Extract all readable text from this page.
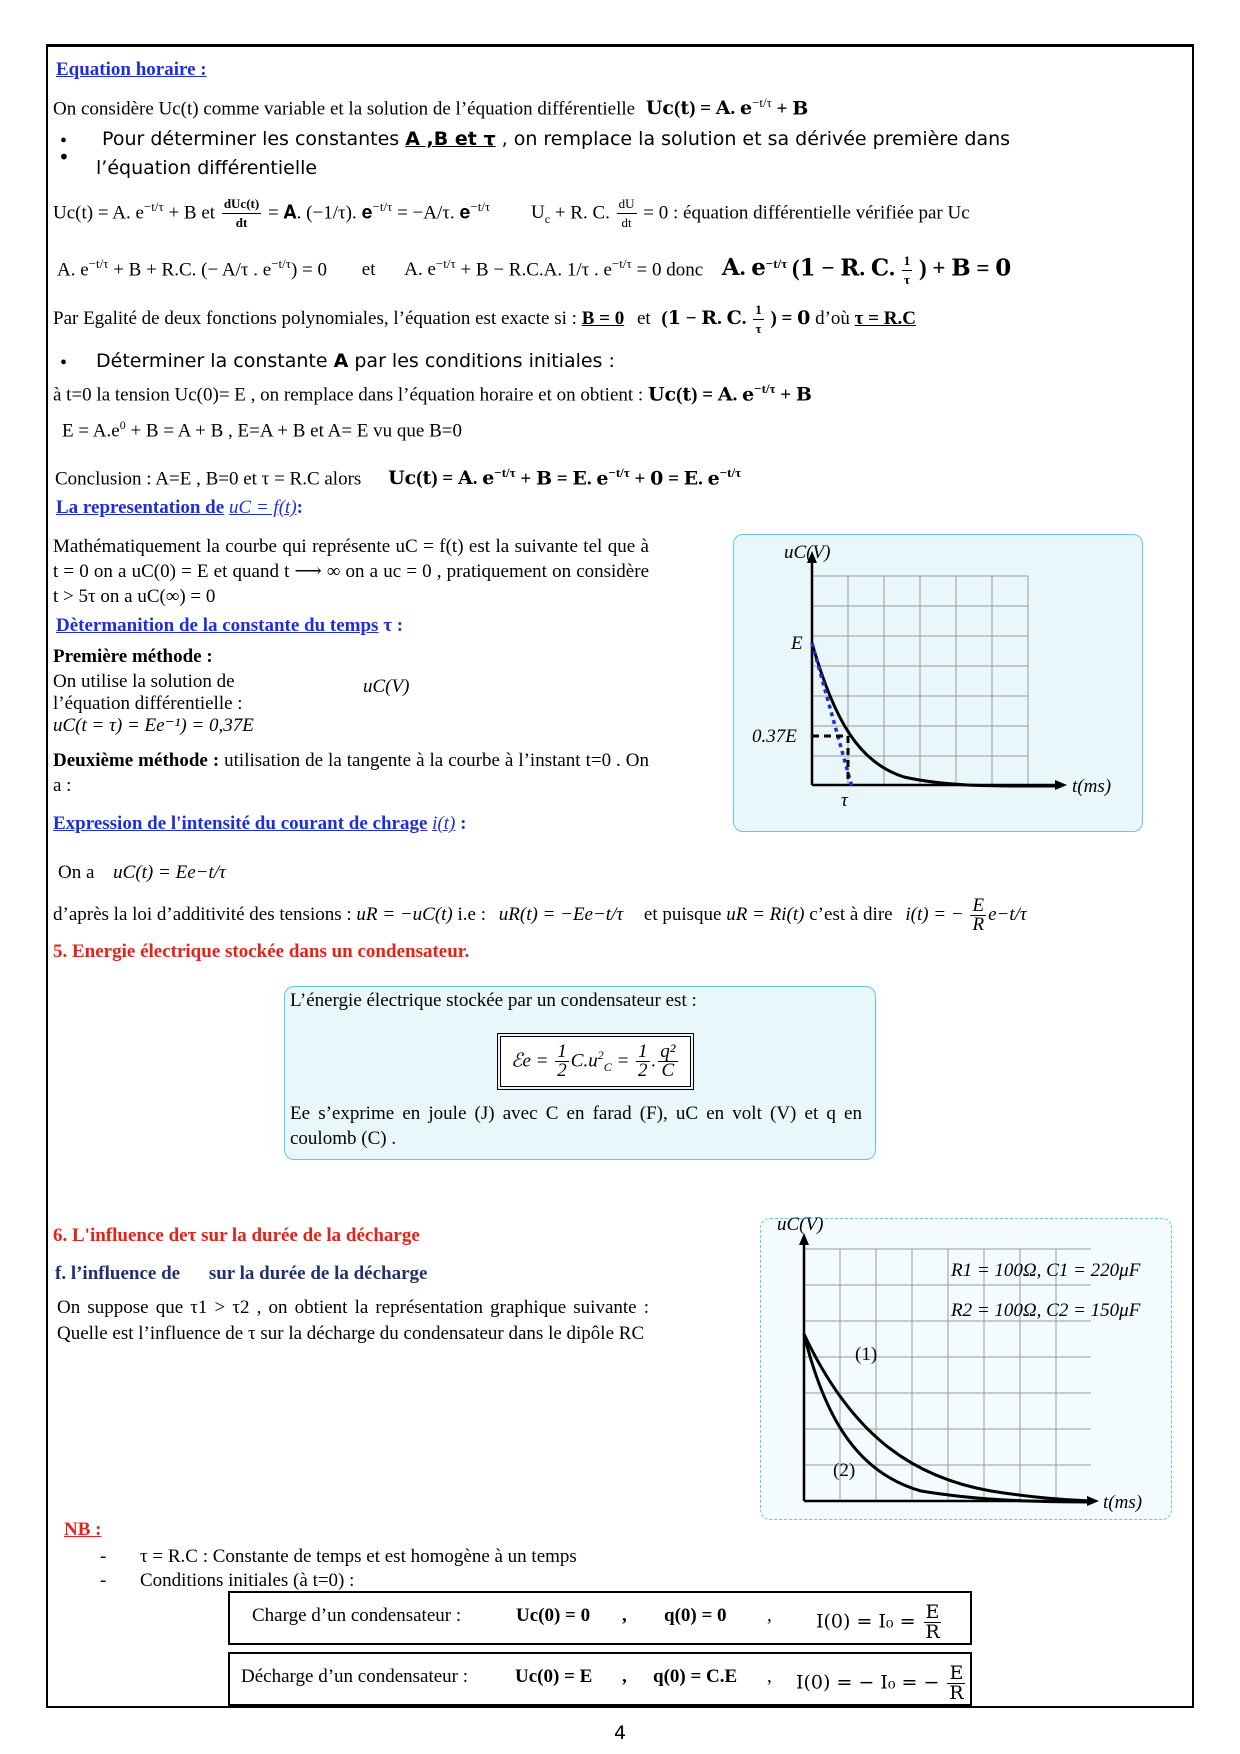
Equation horaire :
On considère Uc(t) comme variable et la solution de l’équation différentielle 𝐔𝐜(𝐭) = 𝐀. 𝐞$^{-t/\tau}$ + 𝐁
Pour déterminer les constantes A ,B et τ , on remplace la solution et sa dérivée première dans
•
l’équation différentielle
Uc(t) = A. $e^{-t/\tau} + B$ et $\frac{\text{dUc(t)}}{dt}$ = 𝐀. (−1/τ). 𝐞$^{-t/\tau}$ = −A/τ. 𝐞$^{-t/\tau}$ $U_c + R$. C. $\frac{dU}{dt} = 0$ : équation différentielle vérifiée par Uc
A. $e^{-t/\tau} + B + R.C$. (− A/τ . $e^{-t/\tau}) = 0$ et A. $e^{-t/\tau} + B - R.C.A$. 1/τ . $e^{-t/\tau} = 0$ donc 𝐀. 𝐞$^{-t/\tau}$ (𝟏 − 𝐑. 𝐂. $\frac{1}{\tau}$ ) + 𝐁 = 𝟎
Par Egalité de deux fonctions polynomiales, l’équation est exacte si : B = 0 et (𝟏 − 𝐑. 𝐂. $\frac{1}{\tau}$ ) = 𝟎 d’où τ = R.C
• Déterminer la constante A par les conditions initiales :
à t=0 la tension Uc(0)= E , on remplace dans l’équation horaire et on obtient : 𝐔𝐜(𝐭) = 𝐀. 𝐞$^{-t/\tau}$ + 𝐁
$E = A.e^0 + B = A + B$ , E=A + B et A= E vu que B=0
Conclusion : A=E , B=0 et τ = R.C alors 𝐔𝐜(𝐭) = 𝐀. 𝐞$^{-t/\tau}$ + 𝐁 = 𝐄. 𝐞$^{-t/\tau}$ + 𝟎 = 𝐄. 𝐞$^{-t/\tau}$
La representation de uC = f(t):
Mathématiquement la courbe qui représente uC = f(t) est la suivante tel que à t = 0 on a uC(0) = E et quand t ⟶ ∞ on a uc = 0 , pratiquement on considère t > 5τ on a uC(∞) = 0
uC(V)
E
0.37E
τ
t(ms)
Dètermanition de la constante du temps τ :
Première méthode :
On utilise la solution de l’équation différentielle :
uC(V)
uC(t = τ) = Ee⁻¹) = 0,37E
Deuxième méthode : utilisation de la tangente à la courbe à l’instant t=0 . On a :
Expression de l'intensité du courant de chrage i(t) :
On a uC(t) = Ee−t/τ
d’après la loi d’additivité des tensions : uR = −uC(t) i.e : uR(t) = −Ee−t/τ et puisque uR = Ri(t) c’est à dire i(t) = − $\frac{E}{R} e-t/\tau$
5. Energie électrique stockée dans un condensateur.
L’énergie électrique stockée par un condensateur est :
ℰe = $\frac{1}{2} C.u^2_C = \frac{1}{2}$ . $\frac{\text{q²}}{C}$
Ee s’exprime en joule (J) avec C en farad (F), uC en volt (V) et q en coulomb (C) .
6. L'influence deτ sur la durée de la décharge
f. l’influence de sur la durée de la décharge
On suppose que τ1 > τ2 , on obtient la représentation graphique suivante : Quelle est l’influence de τ sur la décharge du condensateur dans le dipôle RC
uC(V)
R1 = 100Ω, C1 = 220μF
R2 = 100Ω, C2 = 150μF
(1)
(2)
t(ms)
NB :
- τ = R.C : Constante de temps et est homogène à un temps
- Conditions initiales (à t=0) :
Charge d’un condensateur :	Uc(0) = 0 , q(0) = 0 , $I(0) = I_0 = \frac{E}{R}$
Décharge d’un condensateur : Uc(0) = E , q(0) = C.E , I(0) = − I₀ = − $\frac{E}{R}$
4
